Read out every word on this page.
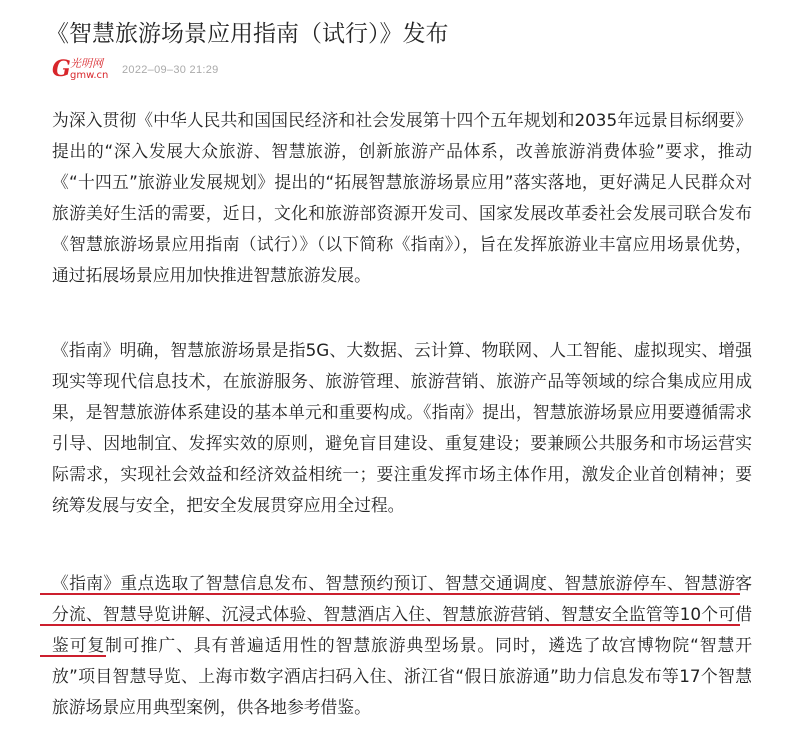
《智慧旅游场景应用指南（试行）》发布
G 光明网
gmw.cn 2022–09–30 21:29

为深入贯彻《中华人民共和国国民经济和社会发展第十四个五年规划和2035年远景目标纲要》提出的“深入发展大众旅游、智慧旅游，创新旅游产品体系，改善旅游消费体验”要求，推动《“十四五”旅游业发展规划》提出的“拓展智慧旅游场景应用”落实落地，更好满足人民群众对旅游美好生活的需要，近日，文化和旅游部资源开发司、国家发展改革委社会发展司联合发布《智慧旅游场景应用指南（试行）》（以下简称《指南》），旨在发挥旅游业丰富应用场景优势，通过拓展场景应用加快推进智慧旅游发展。

《指南》明确，智慧旅游场景是指5G、大数据、云计算、物联网、人工智能、虚拟现实、增强现实等现代信息技术，在旅游服务、旅游管理、旅游营销、旅游产品等领域的综合集成应用成果，是智慧旅游体系建设的基本单元和重要构成。《指南》提出，智慧旅游场景应用要遵循需求引导、因地制宜、发挥实效的原则，避免盲目建设、重复建设；要兼顾公共服务和市场运营实际需求，实现社会效益和经济效益相统一；要注重发挥市场主体作用，激发企业首创精神；要统筹发展与安全，把安全发展贯穿应用全过程。

《指南》重点选取了智慧信息发布、智慧预约预订、智慧交通调度、智慧旅游停车、智慧游客分流、智慧导览讲解、沉浸式体验、智慧酒店入住、智慧旅游营销、智慧安全监管等10个可借鉴可复制可推广、具有普遍适用性的智慧旅游典型场景。同时，遴选了故宫博物院“智慧开放”项目智慧导览、上海市数字酒店扫码入住、浙江省“假日旅游通”助力信息发布等17个智慧旅游场景应用典型案例，供各地参考借鉴。
